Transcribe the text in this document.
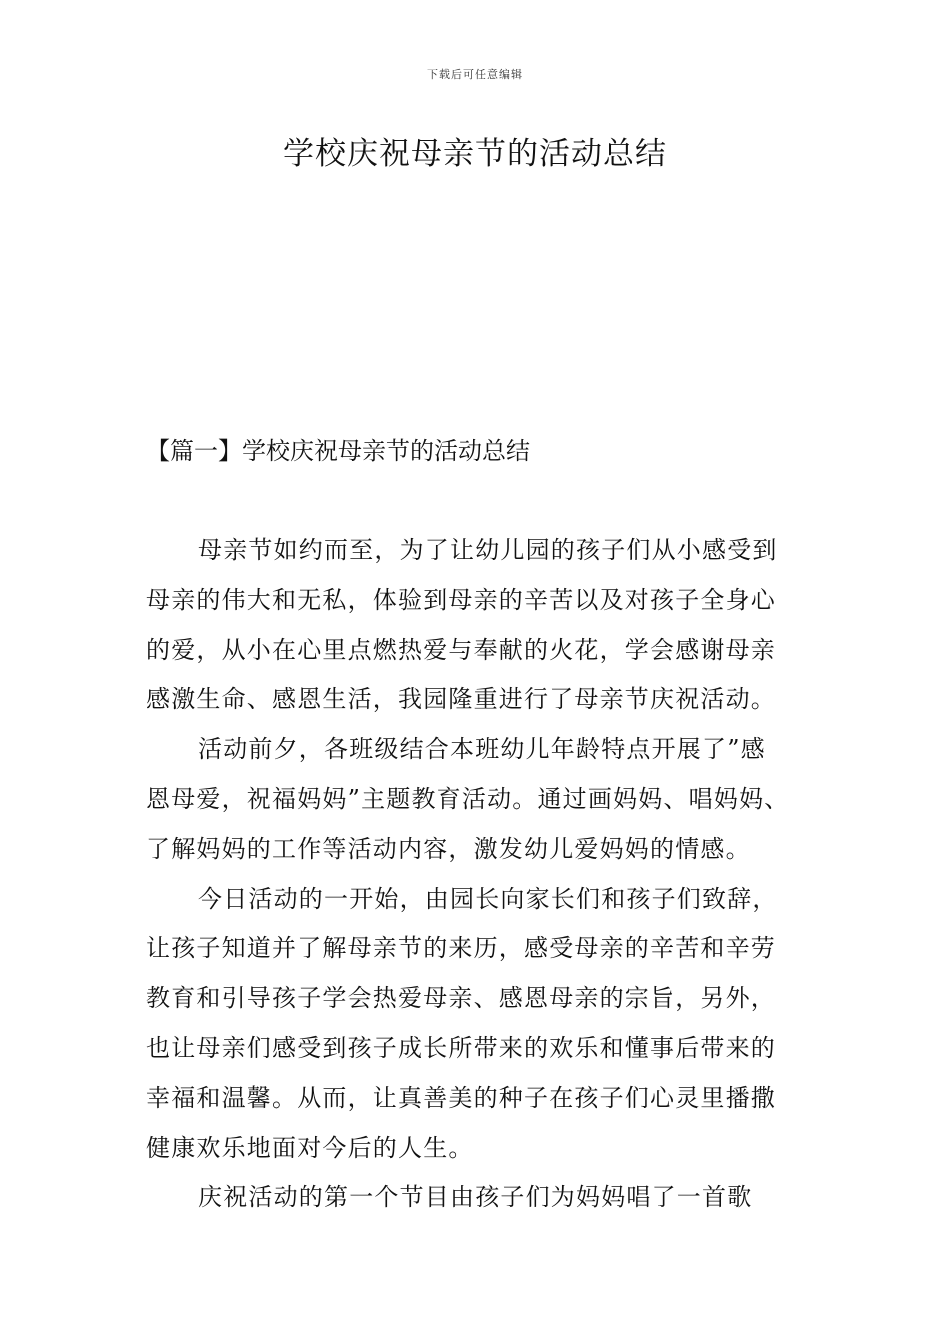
下载后可任意编辑
学校庆祝母亲节的活动总结
【篇一】学校庆祝母亲节的活动总结
母亲节如约而至，为了让幼儿园的孩子们从小感受到
母亲的伟大和无私，体验到母亲的辛苦以及对孩子全身心
的爱，从小在心里点燃热爱与奉献的火花，学会感谢母亲
感激生命、感恩生活，我园隆重进行了母亲节庆祝活动。
活动前夕，各班级结合本班幼儿年龄特点开展了”感
恩母爱，祝福妈妈”主题教育活动。通过画妈妈、唱妈妈、
了解妈妈的工作等活动内容，激发幼儿爱妈妈的情感。
今日活动的一开始，由园长向家长们和孩子们致辞，
让孩子知道并了解母亲节的来历，感受母亲的辛苦和辛劳
教育和引导孩子学会热爱母亲、感恩母亲的宗旨，另外，
也让母亲们感受到孩子成长所带来的欢乐和懂事后带来的
幸福和温馨。从而，让真善美的种子在孩子们心灵里播撒
健康欢乐地面对今后的人生。
庆祝活动的第一个节目由孩子们为妈妈唱了一首歌
